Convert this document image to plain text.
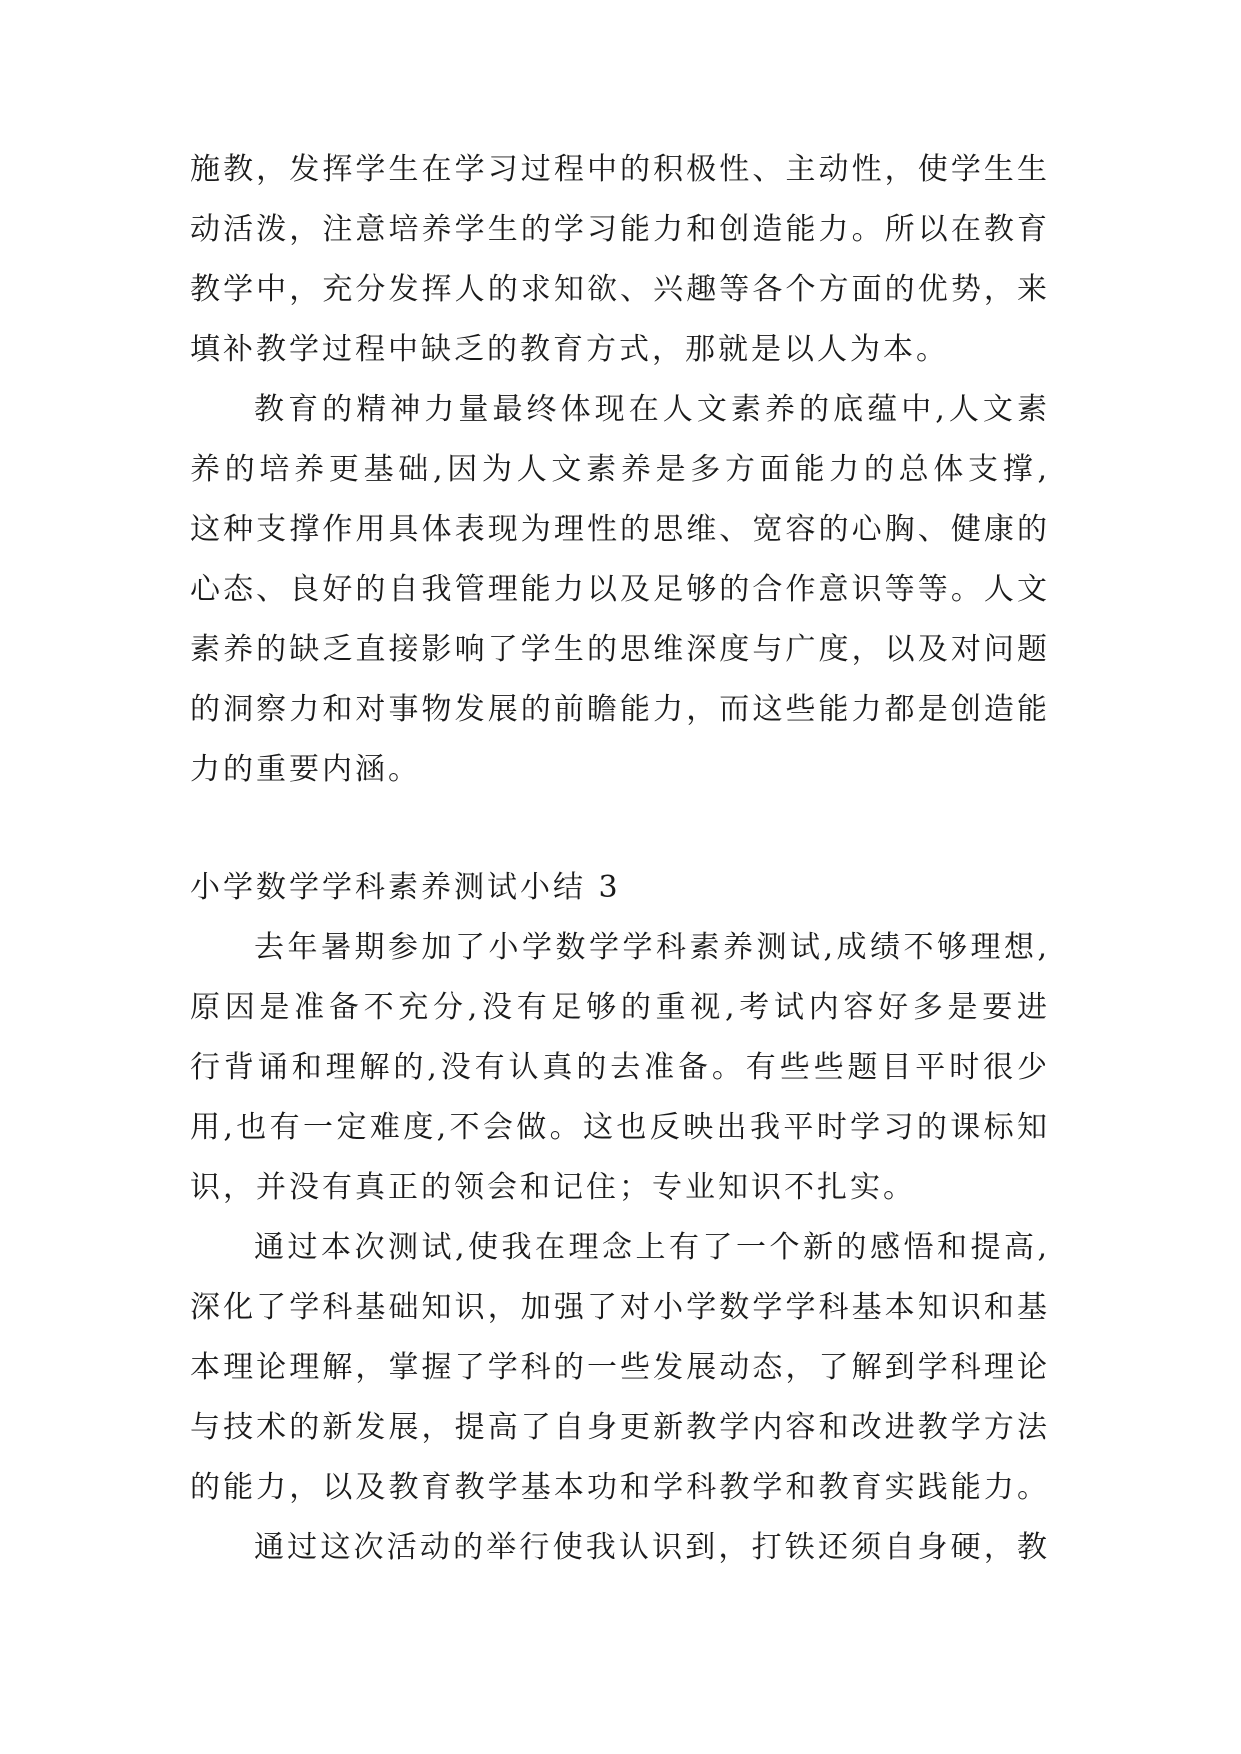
施教，发挥学生在学习过程中的积极性、主动性，使学生生
动活泼，注意培养学生的学习能力和创造能力。所以在教育
教学中，充分发挥人的求知欲、兴趣等各个方面的优势，来
填补教学过程中缺乏的教育方式，那就是以人为本。
教育的精神力量最终体现在人文素养的底蕴中,人文素
养的培养更基础,因为人文素养是多方面能力的总体支撑,
这种支撑作用具体表现为理性的思维、宽容的心胸、健康的
心态、良好的自我管理能力以及足够的合作意识等等。人文
素养的缺乏直接影响了学生的思维深度与广度，以及对问题
的洞察力和对事物发展的前瞻能力，而这些能力都是创造能
力的重要内涵。
小学数学学科素养测试小结 3
去年暑期参加了小学数学学科素养测试,成绩不够理想,
原因是准备不充分,没有足够的重视,考试内容好多是要进
行背诵和理解的,没有认真的去准备。有些些题目平时很少
用,也有一定难度,不会做。这也反映出我平时学习的课标知
识，并没有真正的领会和记住；专业知识不扎实。
通过本次测试,使我在理念上有了一个新的感悟和提高,
深化了学科基础知识，加强了对小学数学学科基本知识和基
本理论理解，掌握了学科的一些发展动态，了解到学科理论
与技术的新发展，提高了自身更新教学内容和改进教学方法
的能力，以及教育教学基本功和学科教学和教育实践能力。
通过这次活动的举行使我认识到，打铁还须自身硬，教
